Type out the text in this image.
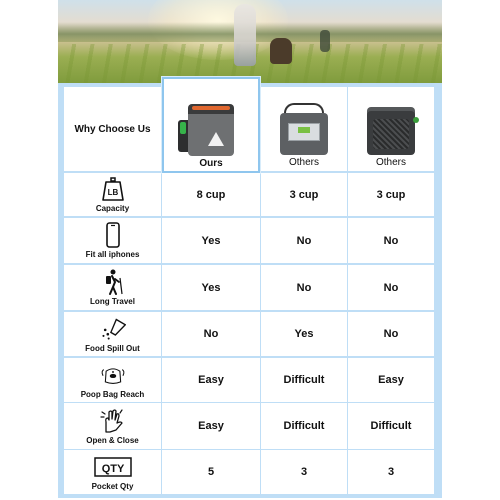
Why Choose Us
Ours	Others	Others
LB
Capacity
8 cup	3 cup	3 cup
Fit all iphones
Yes	No	No
Long Travel
Yes	No	No
Food Spill Out
No	Yes	No
Poop Bag Reach
Easy	Difficult	Easy
Open & Close
Easy	Difficult	Difficult
QTY
Pocket Qty
5	3	3
